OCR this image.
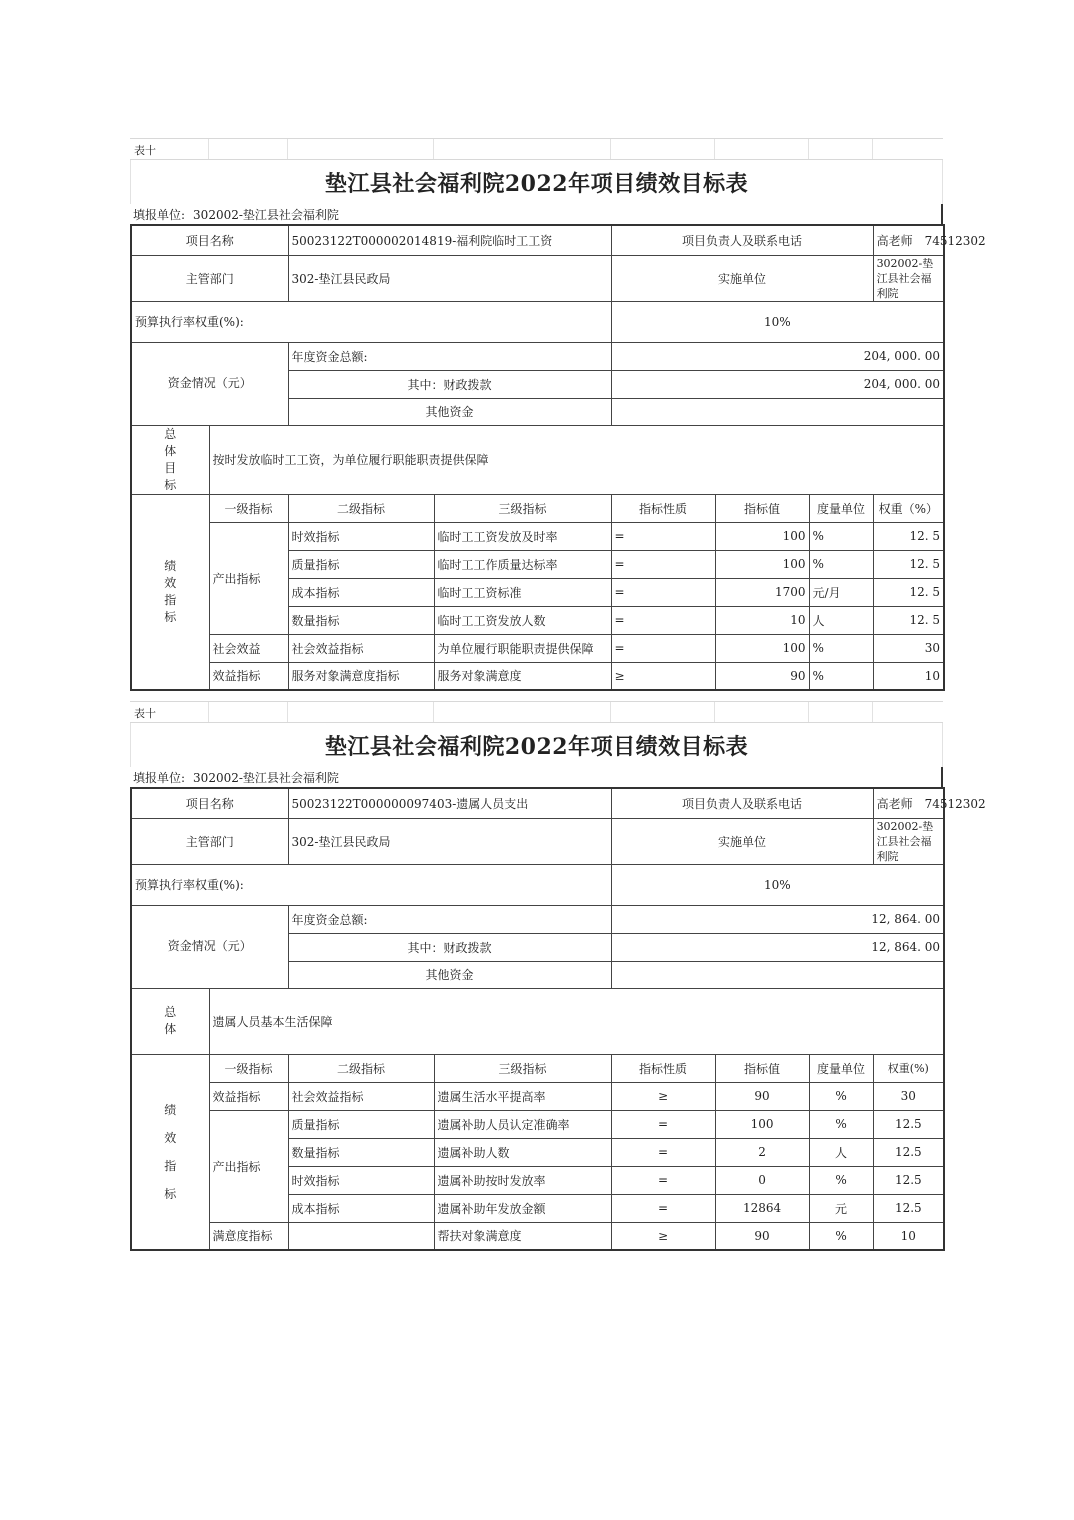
表十
垫江县社会福利院2022年项目绩效目标表
填报单位: 302002-垫江县社会福利院
项目名称		50023122T000002014819-福利院临时工工资		项目负责人及联系电话			高老师　74512302
主管部门		302-垫江县民政局		实施单位			302002-垫江县社会福利院
预算执行率权重(%):				10%			
资金情况（元）		年度资金总额:		204, 000. 00			
		其中：财政拨款		204, 000. 00			
		其他资金					
总体目标	按时发放临时工工资，为单位履行职能职责提供保障						
绩效指标	一级指标	二级指标	三级指标	指标性质	指标值	度量单位	权重（%）
	产出指标	时效指标	临时工工资发放及时率	=	100	%	12. 5
		质量指标	临时工工作质量达标率	=	100	%	12. 5
		成本指标	临时工工资标准	=	1700	元/月	12. 5
		数量指标	临时工工资发放人数	=	10	人	12. 5
	社会效益	社会效益指标	为单位履行职能职责提供保障	=	100	%	30
	效益指标	服务对象满意度指标	服务对象满意度	≥	90	%	10
表十
垫江县社会福利院2022年项目绩效目标表
填报单位: 302002-垫江县社会福利院
项目名称		50023122T000000097403-遗属人员支出		项目负责人及联系电话			高老师　74512302
主管部门		302-垫江县民政局		实施单位			302002-垫江县社会福利院
预算执行率权重(%):				10%			
资金情况（元）		年度资金总额:		12, 864. 00			
		其中：财政拨款		12, 864. 00			
		其他资金					
总体	遗属人员基本生活保障						
绩效指标	一级指标	二级指标	三级指标	指标性质	指标值	度量单位	权重(%)
	效益指标	社会效益指标	遗属生活水平提高率	≥	90	%	30
	产出指标	质量指标	遗属补助人员认定准确率	=	100	%	12.5
		数量指标	遗属补助人数	=	2	人	12.5
		时效指标	遗属补助按时发放率	=	0	%	12.5
		成本指标	遗属补助年发放金额	=	12864	元	12.5
	满意度指标		帮扶对象满意度	≥	90	%	10
